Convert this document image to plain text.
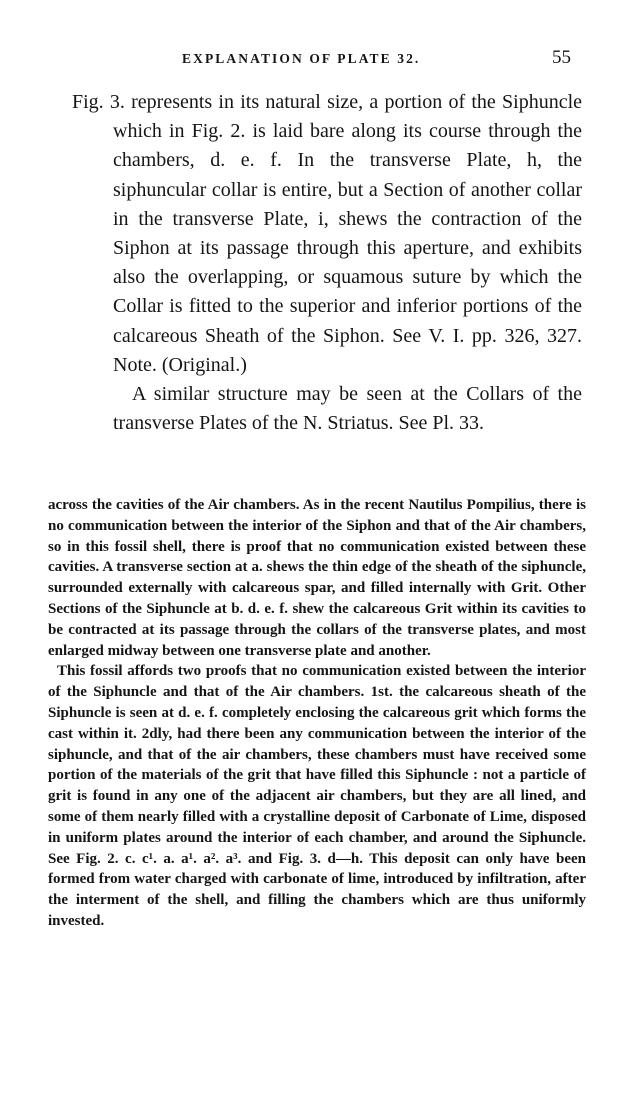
EXPLANATION OF PLATE 32.	55

Fig. 3. represents in its natural size, a portion of the Siphuncle which in Fig. 2. is laid bare along its course through the chambers, d. e. f. In the transverse Plate, h, the siphuncular collar is entire, but a Section of another collar in the transverse Plate, i, shews the contraction of the Siphon at its passage through this aperture, and exhibits also the overlapping, or squamous suture by which the Collar is fitted to the superior and inferior portions of the calcareous Sheath of the Siphon. See V. I. pp. 326, 327. Note. (Original.)

A similar structure may be seen at the Collars of the transverse Plates of the N. Striatus. See Pl. 33.

across the cavities of the Air chambers. As in the recent Nautilus Pompilius, there is no communication between the interior of the Siphon and that of the Air chambers, so in this fossil shell, there is proof that no communication existed between these cavities. A transverse section at a. shews the thin edge of the sheath of the siphuncle, surrounded externally with calcareous spar, and filled internally with Grit. Other Sections of the Siphuncle at b. d. e. f. shew the calcareous Grit within its cavities to be contracted at its passage through the collars of the transverse plates, and most enlarged midway between one transverse plate and another.

This fossil affords two proofs that no communication existed between the interior of the Siphuncle and that of the Air chambers. 1st. the calcareous sheath of the Siphuncle is seen at d. e. f. completely enclosing the calcareous grit which forms the cast within it. 2dly, had there been any communication between the interior of the siphuncle, and that of the air chambers, these chambers must have received some portion of the materials of the grit that have filled this Siphuncle : not a particle of grit is found in any one of the adjacent air chambers, but they are all lined, and some of them nearly filled with a crystalline deposit of Carbonate of Lime, disposed in uniform plates around the interior of each chamber, and around the Siphuncle. See Fig. 2. c. c¹. a. a¹. a². a³. and Fig. 3. d—h. This deposit can only have been formed from water charged with carbonate of lime, introduced by infiltration, after the interment of the shell, and filling the chambers which are thus uniformly invested.
